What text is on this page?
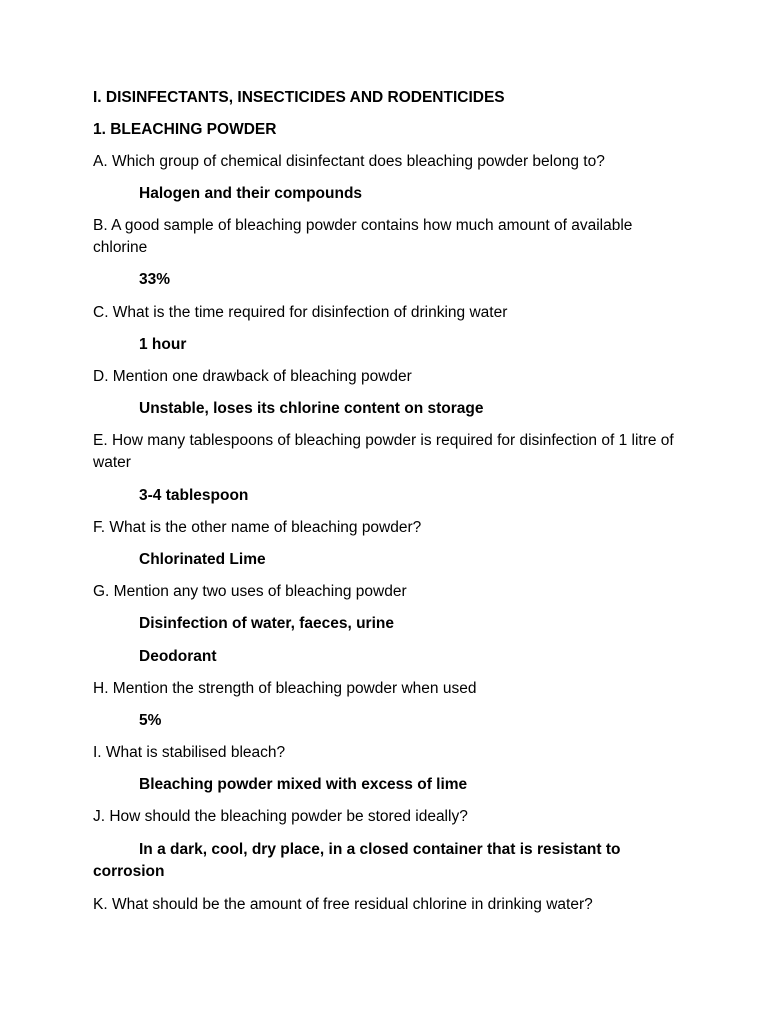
I. DISINFECTANTS, INSECTICIDES AND RODENTICIDES

1. BLEACHING POWDER

A. Which group of chemical disinfectant does bleaching powder belong to?

Halogen and their compounds

B. A good sample of bleaching powder contains how much amount of available chlorine

33%

C. What is the time required for disinfection of drinking water

1 hour

D. Mention one drawback of bleaching powder

Unstable, loses its chlorine content on storage

E. How many tablespoons of bleaching powder is required for disinfection of 1 litre of water

3-4 tablespoon

F. What is the other name of bleaching powder?

Chlorinated Lime

G. Mention any two uses of bleaching powder

Disinfection of water, faeces, urine

Deodorant

H. Mention the strength of bleaching powder when used

5%

I. What is stabilised bleach?

Bleaching powder mixed with excess of lime

J. How should the bleaching powder be stored ideally?

In a dark, cool, dry place, in a closed container that is resistant to corrosion

K. What should be the amount of free residual chlorine in drinking water?
